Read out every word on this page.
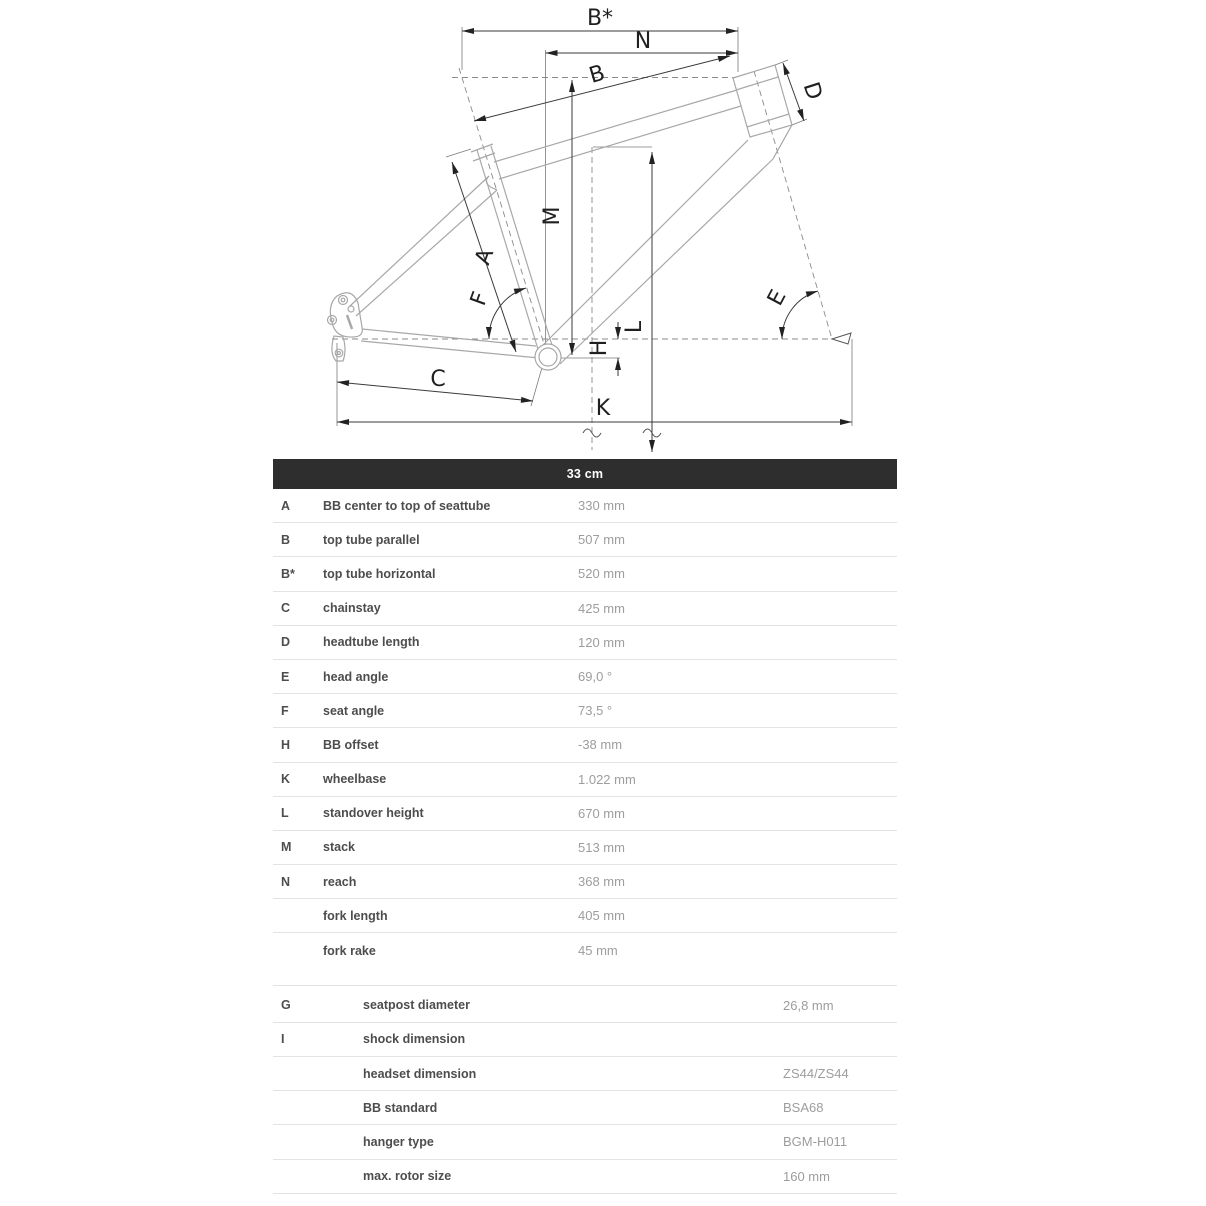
B*
N
B
D
M
A
F	E
L
H
C
K
33 cm
A	BB center to top of seattube	330 mm
B	top tube parallel	507 mm
B*	top tube horizontal	520 mm
C	chainstay	425 mm
D	headtube length	120 mm
E	head angle	69,0 °
F	seat angle	73,5 °
H	BB offset	-38 mm
K	wheelbase	1.022 mm
L	standover height	670 mm
M	stack	513 mm
N	reach	368 mm
fork length	405 mm
fork rake	45 mm
G	seatpost diameter	26,8 mm
I	shock dimension
headset dimension	ZS44/ZS44
BB standard	BSA68
hanger type	BGM-H011
max. rotor size	160 mm
